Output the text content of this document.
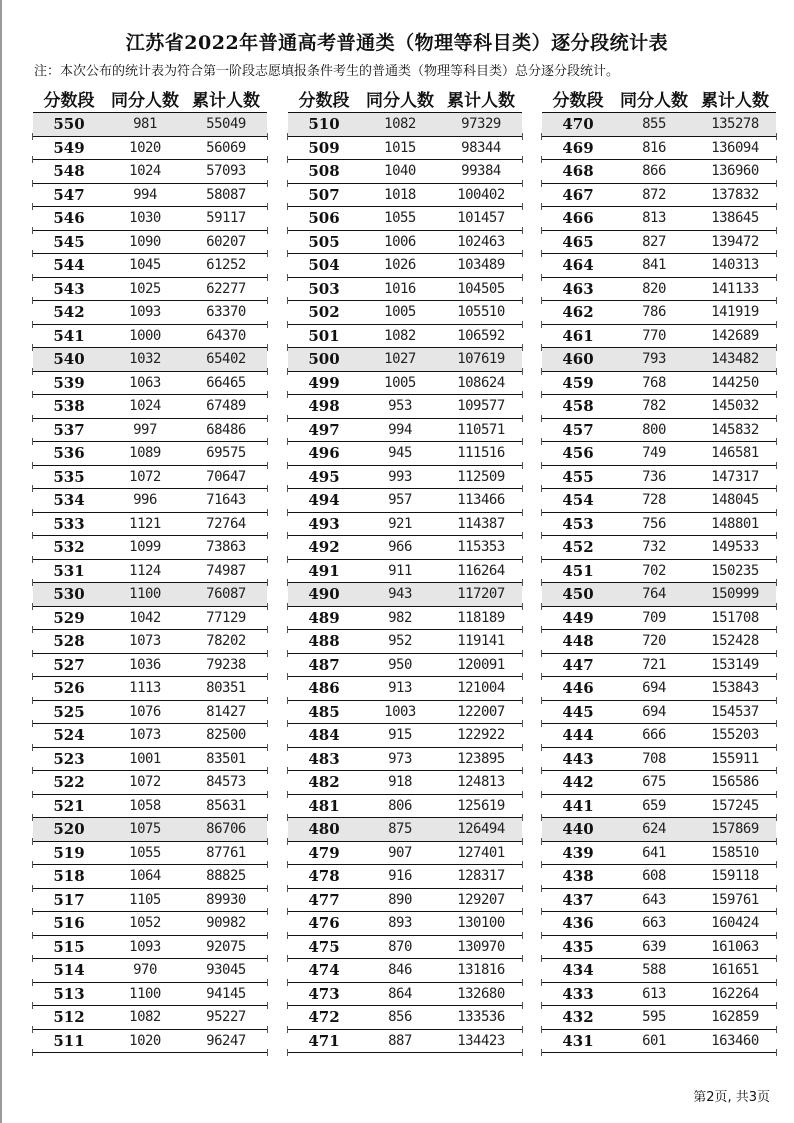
江苏省2022年普通高考普通类（物理等科目类）逐分段统计表
注：本次公布的统计表为符合第一阶段志愿填报条件考生的普通类（物理等科目类）总分逐分段统计。
分数段 同分人数 累计人数
550	981	55049
549	1020	56069
548	1024	57093
547	994	58087
546	1030	59117
545	1090	60207
544	1045	61252
543	1025	62277
542	1093	63370
541	1000	64370
540	1032	65402
539	1063	66465
538	1024	67489
537	997	68486
536	1089	69575
535	1072	70647
534	996	71643
533	1121	72764
532	1099	73863
531	1124	74987
530	1100	76087
529	1042	77129
528	1073	78202
527	1036	79238
526	1113	80351
525	1076	81427
524	1073	82500
523	1001	83501
522	1072	84573
521	1058	85631
520	1075	86706
519	1055	87761
518	1064	88825
517	1105	89930
516	1052	90982
515	1093	92075
514	970	93045
513	1100	94145
512	1082	95227
511	1020	96247
分数段 同分人数 累计人数
510	1082	97329
509	1015	98344
508	1040	99384
507	1018	100402
506	1055	101457
505	1006	102463
504	1026	103489
503	1016	104505
502	1005	105510
501	1082	106592
500	1027	107619
499	1005	108624
498	953	109577
497	994	110571
496	945	111516
495	993	112509
494	957	113466
493	921	114387
492	966	115353
491	911	116264
490	943	117207
489	982	118189
488	952	119141
487	950	120091
486	913	121004
485	1003	122007
484	915	122922
483	973	123895
482	918	124813
481	806	125619
480	875	126494
479	907	127401
478	916	128317
477	890	129207
476	893	130100
475	870	130970
474	846	131816
473	864	132680
472	856	133536
471	887	134423
分数段 同分人数 累计人数
470	855	135278
469	816	136094
468	866	136960
467	872	137832
466	813	138645
465	827	139472
464	841	140313
463	820	141133
462	786	141919
461	770	142689
460	793	143482
459	768	144250
458	782	145032
457	800	145832
456	749	146581
455	736	147317
454	728	148045
453	756	148801
452	732	149533
451	702	150235
450	764	150999
449	709	151708
448	720	152428
447	721	153149
446	694	153843
445	694	154537
444	666	155203
443	708	155911
442	675	156586
441	659	157245
440	624	157869
439	641	158510
438	608	159118
437	643	159761
436	663	160424
435	639	161063
434	588	161651
433	613	162264
432	595	162859
431	601	163460
第2页, 共3页
